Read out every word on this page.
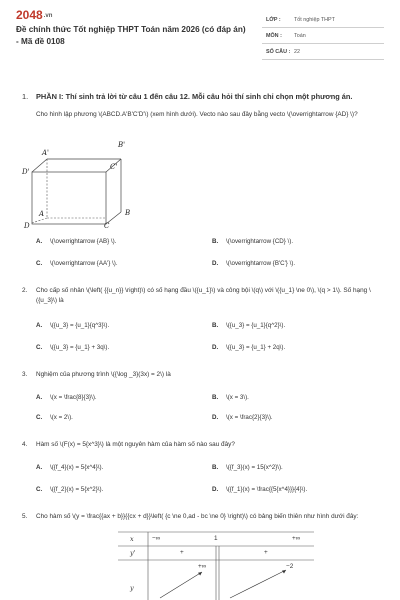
2048.vn
Đề chính thức Tốt nghiệp THPT Toán năm 2026 (có đáp án) - Mã đề 0108
LỚP : Tốt nghiệp THPT
MÔN : Toán
SỐ CÂU : 22
1. PHẦN I: Thí sinh trả lời từ câu 1 đến câu 12. Mỗi câu hỏi thí sinh chỉ chọn một phương án.
Cho hình lập phương \(ABCD.A'B'C'D'\) (xem hình dưới). Vecto nào sau đây bằng vecto \(\overrightarrow {AD} \)?
A'
B'
C'
D'
A	B
C
D
A. \(\overrightarrow {AB} \).	B. \(\overrightarrow {CD} \).
C. \(\overrightarrow {AA'} \).	D. \(\overrightarrow {B'C'} \).
2. Cho cấp số nhân \(\left( {{u_n}} \right)\) có số hạng đầu \({u_1}\) và công bội \(q\) với \({u_1} \ne 0\), \(q > 1\). Số hạng \({u_3}\) là
A. \({u_3} = {u_1}{q^3}\).	B. \({u_3} = {u_1}{q^2}\).
C. \({u_3} = {u_1} + 3q\).	D. \({u_3} = {u_1} + 2q\).
3. Nghiệm của phương trình \({\log _3}(3x) = 2\) là
A. \(x = \frac{8}{3}\).	B. \(x = 3\).
C. \(x = 2\).	D. \(x = \frac{2}{3}\).
4. Hàm số \(F(x) = 5{x^3}\) là một nguyên hàm của hàm số nào sau đây?
A. \({f_4}(x) = 5{x^4}\).	B. \({f_3}(x) = 15{x^2}\).
C. \({f_2}(x) = 5{x^2}\).	D. \({f_1}(x) = \frac{{5{x^4}}}{4}\).
5. Cho hàm số \(y = \frac{{ax + b}}{{cx + d}}\left( {c \ne 0,ad - bc \ne 0} \right)\) có bảng biến thiên như hình dưới đây:
x	−∞	1	+∞
y'	+	+
y
+∞	−2
